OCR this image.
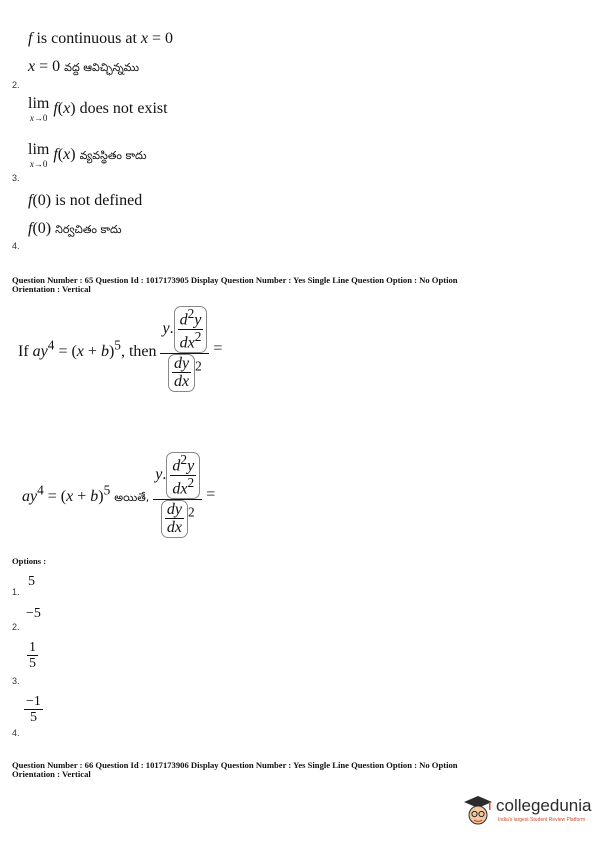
f is continuous at x = 0
x = 0 వద్ద ఆవిచ్ఛిన్నము
2.
lim
x→0
f(x) does not exist
lim
x→0
f(x) వ్యవస్థితం కాదు
3.
f(0) is not defined
f(0) నిర్వచితం కాదు
4.
Question Number : 65 Question Id : 1017173905 Display Question Number : Yes Single Line Question Option : No Option
Orientation : Vertical
If $ay^4 = (x + b)^5$, then $\frac{y. \frac{d^2y}{dx^2}}{\frac{dy}{dx} ^2}$ =
$ay^4 = (x + b)^5$ అయితే, $\frac{y. \frac{d^2y}{dx^2}}{\frac{dy}{dx} ^2}$ =
Options :
5
1.
−5
2.
$\frac{1}{5}$
3.
$\frac{-1}{5}$
4.
Question Number : 66 Question Id : 1017173906 Display Question Number : Yes Single Line Question Option : No Option
Orientation : Vertical
collegedunia
India's largest Student Review Platform
